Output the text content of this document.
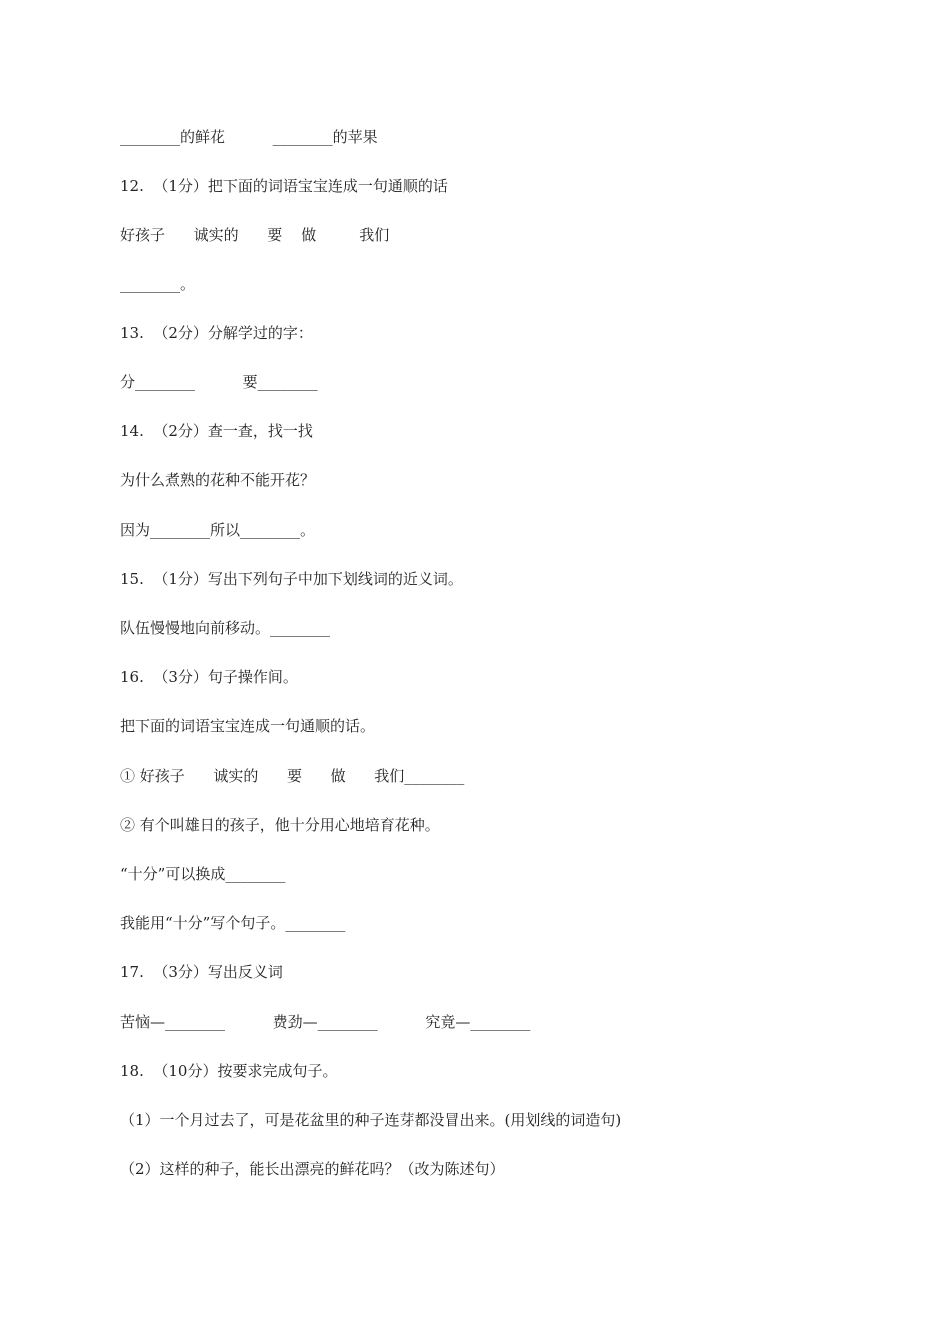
________的鲜花          ________的苹果
12.  （1分）把下面的词语宝宝连成一句通顺的话
好孩子      诚实的      要    做         我们
________。
13.  （2分）分解学过的字：
分________          要________
14.  （2分）查一查，找一找
为什么煮熟的花种不能开花？
因为________所以________。
15.  （1分）写出下列句子中加下划线词的近义词。
队伍慢慢地向前移动。________
16.  （3分）句子操作间。
把下面的词语宝宝连成一句通顺的话。
① 好孩子      诚实的      要      做      我们________
② 有个叫雄日的孩子，他十分用心地培育花种。
“十分”可以换成________
我能用“十分”写个句子。________
17.  （3分）写出反义词
苦恼—________          费劲—________          究竟—________
18.  （10分）按要求完成句子。
（1）一个月过去了，可是花盆里的种子连芽都没冒出来。(用划线的词造句)
（2）这样的种子，能长出漂亮的鲜花吗？（改为陈述句）
